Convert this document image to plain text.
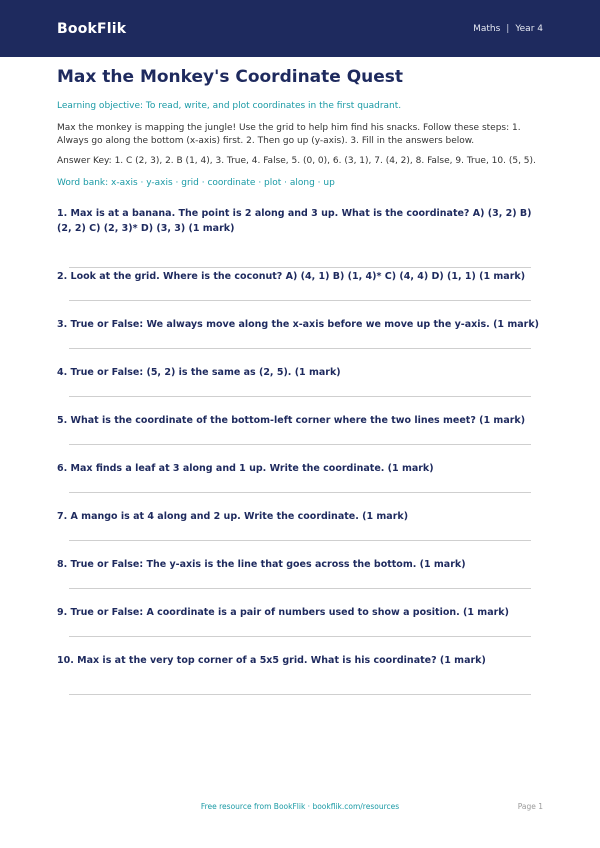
BookFlik	Maths | Year 4
Max the Monkey's Coordinate Quest
Learning objective: To read, write, and plot coordinates in the first quadrant.
Max the monkey is mapping the jungle! Use the grid to help him find his snacks. Follow these steps: 1. Always go along the bottom (x-axis) first. 2. Then go up (y-axis). 3. Fill in the answers below.
Answer Key: 1. C (2, 3), 2. B (1, 4), 3. True, 4. False, 5. (0, 0), 6. (3, 1), 7. (4, 2), 8. False, 9. True, 10. (5, 5).
Word bank: x-axis · y-axis · grid · coordinate · plot · along · up
1. Max is at a banana. The point is 2 along and 3 up. What is the coordinate? A) (3, 2) B) (2, 2) C) (2, 3)* D) (3, 3) (1 mark)
2. Look at the grid. Where is the coconut? A) (4, 1) B) (1, 4)* C) (4, 4) D) (1, 1) (1 mark)
3. True or False: We always move along the x-axis before we move up the y-axis. (1 mark)
4. True or False: (5, 2) is the same as (2, 5). (1 mark)
5. What is the coordinate of the bottom-left corner where the two lines meet? (1 mark)
6. Max finds a leaf at 3 along and 1 up. Write the coordinate. (1 mark)
7. A mango is at 4 along and 2 up. Write the coordinate. (1 mark)
8. True or False: The y-axis is the line that goes across the bottom. (1 mark)
9. True or False: A coordinate is a pair of numbers used to show a position. (1 mark)
10. Max is at the very top corner of a 5x5 grid. What is his coordinate? (1 mark)
Free resource from BookFlik · bookflik.com/resources	Page 1
